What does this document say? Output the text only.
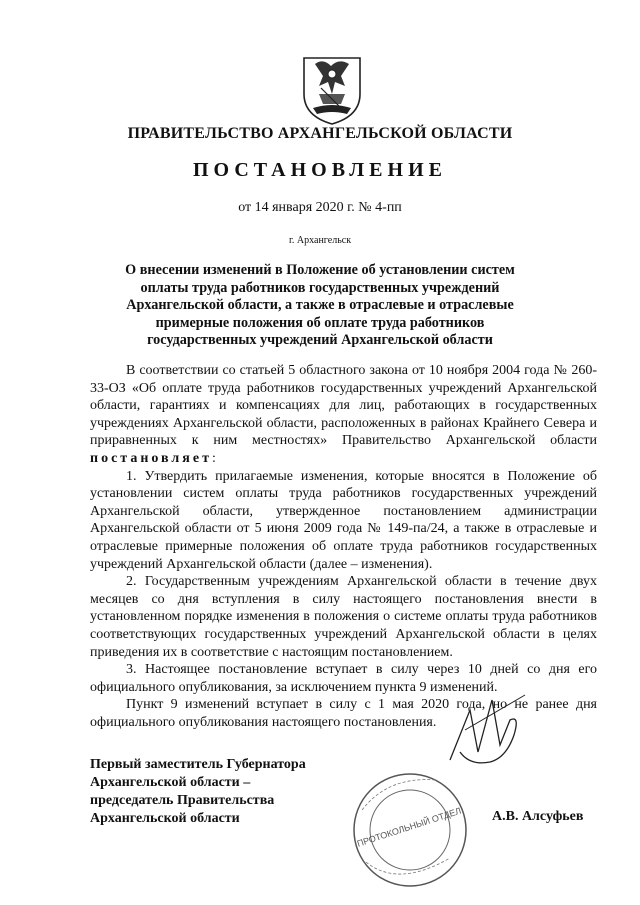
ПРАВИТЕЛЬСТВО АРХАНГЕЛЬСКОЙ ОБЛАСТИ
ПОСТАНОВЛЕНИЕ
от 14 января 2020 г. № 4-пп
г. Архангельск
О внесении изменений в Положение об установлении систем оплаты труда работников государственных учреждений Архангельской области, а также в отраслевые и отраслевые примерные положения об оплате труда работников государственных учреждений Архангельской области

В соответствии со статьей 5 областного закона от 10 ноября 2004 года № 260-33-ОЗ «Об оплате труда работников государственных учреждений Архангельской области, гарантиях и компенсациях для лиц, работающих в государственных учреждениях Архангельской области, расположенных в районах Крайнего Севера и приравненных к ним местностях» Правительство Архангельской области постановляет:

1. Утвердить прилагаемые изменения, которые вносятся в Положение об установлении систем оплаты труда работников государственных учреждений Архангельской области, утвержденное постановлением администрации Архангельской области от 5 июня 2009 года № 149-па/24, а также в отраслевые и отраслевые примерные положения об оплате труда работников государственных учреждений Архангельской области (далее – изменения).

2. Государственным учреждениям Архангельской области в течение двух месяцев со дня вступления в силу настоящего постановления внести в установленном порядке изменения в положения о системе оплаты труда работников соответствующих государственных учреждений Архангельской области в целях приведения их в соответствие с настоящим постановлением.

3. Настоящее постановление вступает в силу через 10 дней со дня его официального опубликования, за исключением пункта 9 изменений.

Пункт 9 изменений вступает в силу с 1 мая 2020 года, но не ранее дня официального опубликования настоящего постановления.

Первый заместитель Губернатора
Архангельской области –
председатель Правительства
Архангельской области	А.В. Алсуфьев
ПРОТОКОЛЬНЫЙ ОТДЕЛ
